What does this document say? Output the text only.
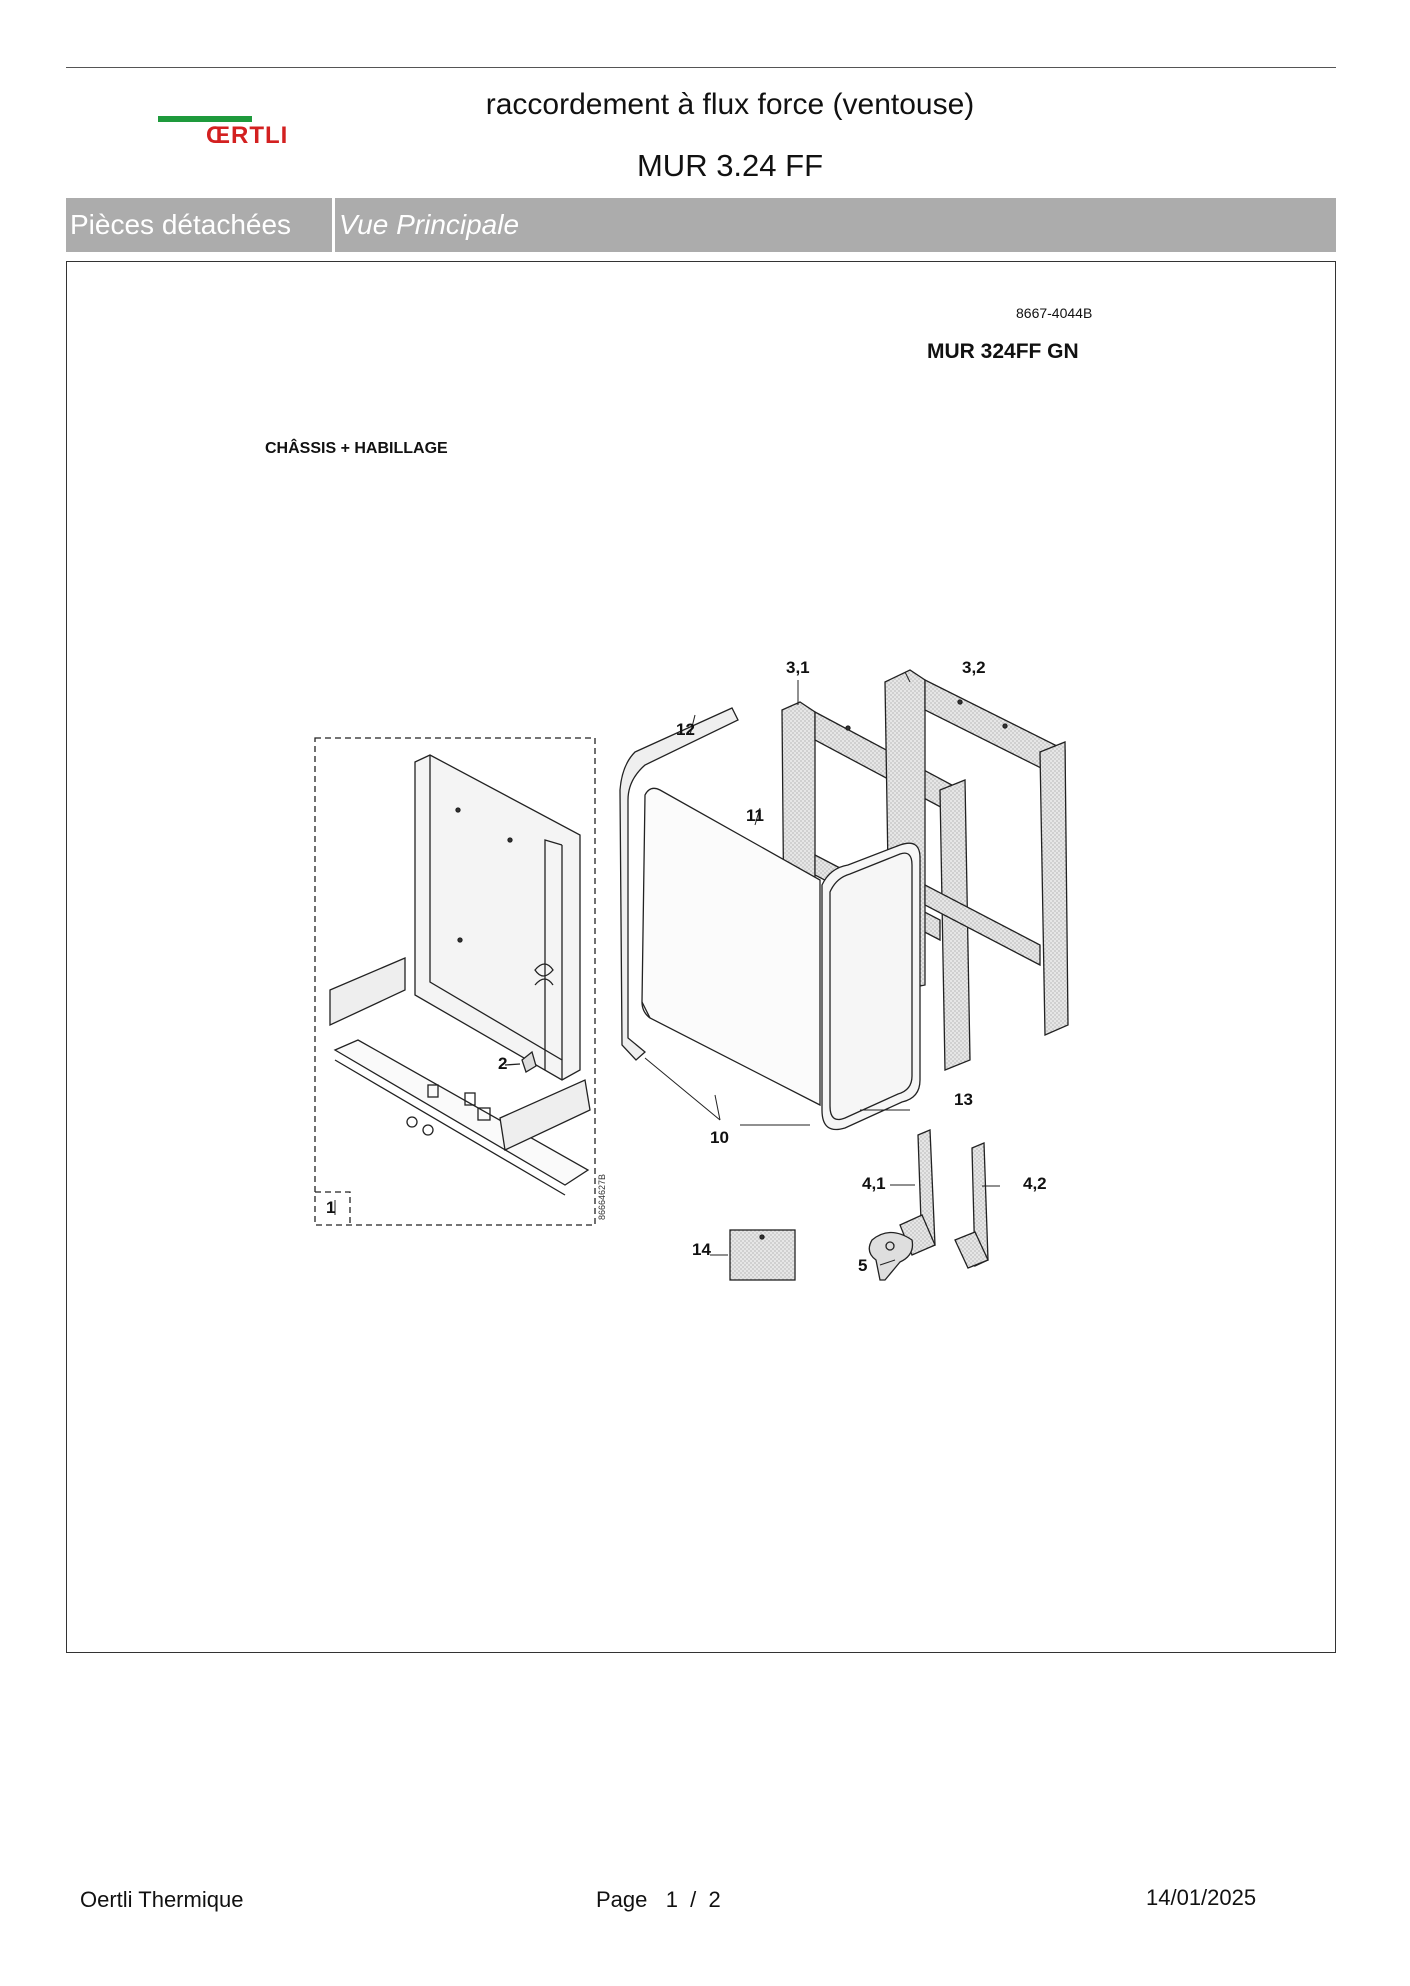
ŒRTLI
raccordement à flux force (ventouse)
MUR 3.24 FF
Pièces détachées	Vue Principale
8667-4044B
MUR 324FF GN
CHÂSSIS + HABILLAGE
86664627B
1
2
3,1	3,2
4,1	4,2
5
10
11
12
13
14
Oertli Thermique	Page   1  /  2	14/01/2025
